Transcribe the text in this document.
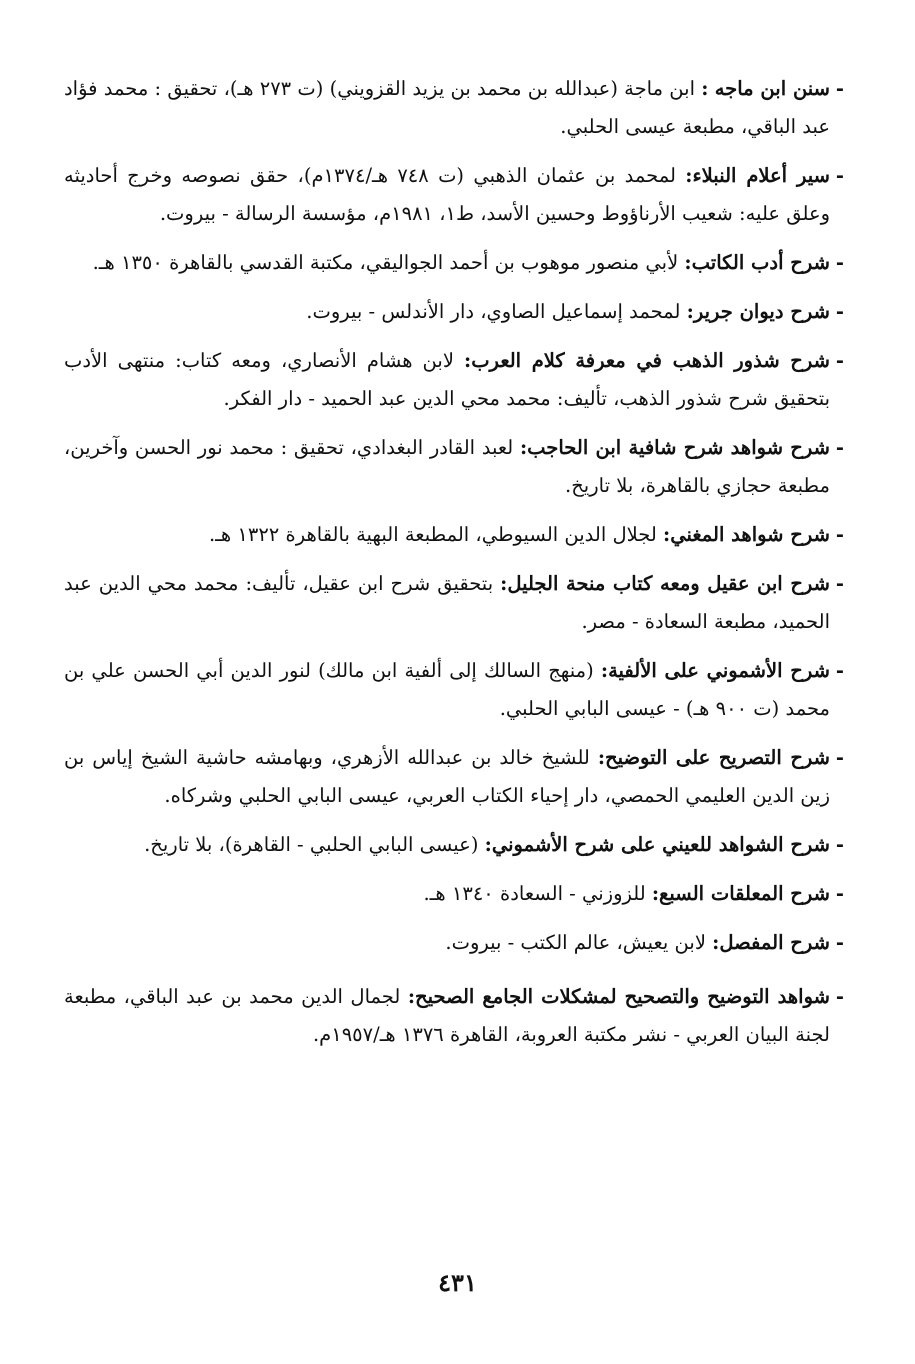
-
سنن ابن ماجه : ابن ماجة (عبدالله بن محمد بن يزيد القزويني) (ت ٢٧٣ هـ)، تحقيق : محمد فؤاد عبد الباقي، مطبعة عيسى الحلبي.
-
سير أعلام النبلاء: لمحمد بن عثمان الذهبي (ت ٧٤٨ هـ/١٣٧٤م)، حقق نصوصه وخرج أحاديثه وعلق عليه: شعيب الأرناؤوط وحسين الأسد، ط١، ١٩٨١م، مؤسسة الرسالة - بيروت.
-
شرح أدب الكاتب: لأبي منصور موهوب بن أحمد الجواليقي، مكتبة القدسي بالقاهرة ١٣٥٠ هـ.
-
شرح ديوان جرير: لمحمد إسماعيل الصاوي، دار الأندلس - بيروت.
-
شرح شذور الذهب في معرفة كلام العرب: لابن هشام الأنصاري، ومعه كتاب: منتهى الأدب بتحقيق شرح شذور الذهب، تأليف: محمد محي الدين عبد الحميد - دار الفكر.
-
شرح شواهد شرح شافية ابن الحاجب: لعبد القادر البغدادي، تحقيق : محمد نور الحسن وآخرين، مطبعة حجازي بالقاهرة، بلا تاريخ.
-
شرح شواهد المغني: لجلال الدين السيوطي، المطبعة البهية بالقاهرة ١٣٢٢ هـ.
-
شرح ابن عقيل ومعه كتاب منحة الجليل: بتحقيق شرح ابن عقيل، تأليف: محمد محي الدين عبد الحميد، مطبعة السعادة - مصر.
-
شرح الأشموني على الألفية: (منهج السالك إلى ألفية ابن مالك) لنور الدين أبي الحسن علي بن محمد (ت ٩٠٠ هـ) - عيسى البابي الحلبي.
-
شرح التصريح على التوضيح: للشيخ خالد بن عبدالله الأزهري، وبهامشه حاشية الشيخ إياس بن زين الدين العليمي الحمصي، دار إحياء الكتاب العربي، عيسى البابي الحلبي وشركاه.
-
شرح الشواهد للعيني على شرح الأشموني: (عيسى البابي الحلبي - القاهرة)، بلا تاريخ.
-
شرح المعلقات السبع: للزوزني - السعادة ١٣٤٠ هـ.
-
شرح المفصل: لابن يعيش، عالم الكتب - بيروت.
-
شواهد التوضيح والتصحيح لمشكلات الجامع الصحيح: لجمال الدين محمد بن عبد الباقي، مطبعة لجنة البيان العربي - نشر مكتبة العروبة، القاهرة ١٣٧٦ هـ/١٩٥٧م.
٤٣١
